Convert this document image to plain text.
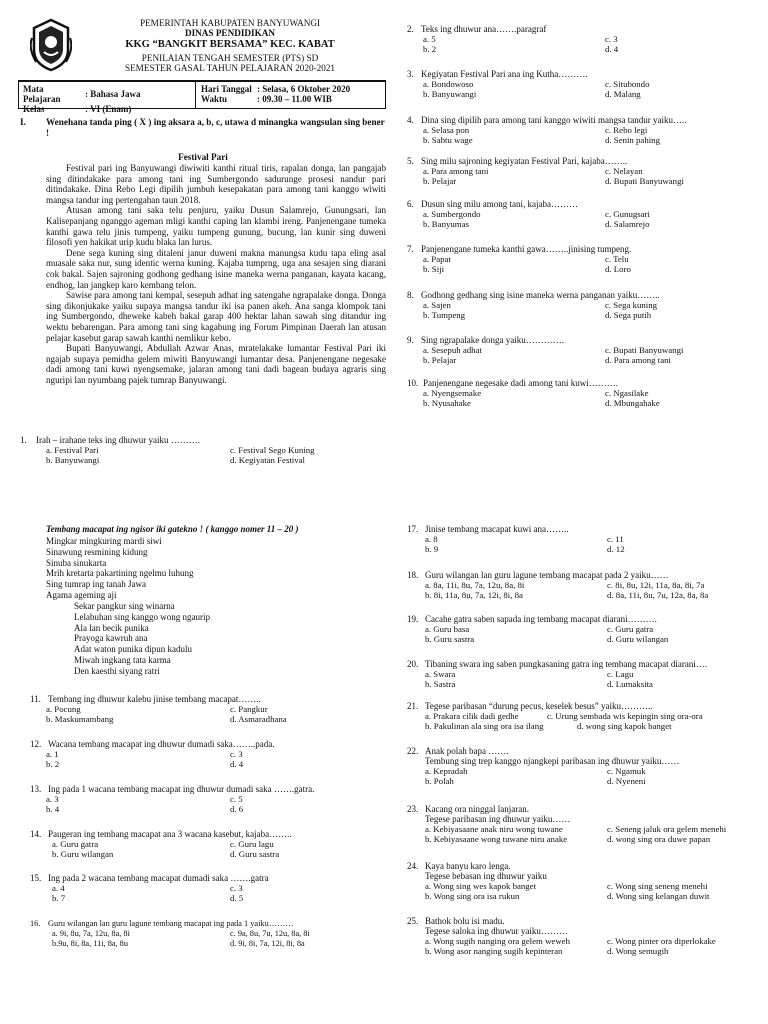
PEMERINTAH KABUPATEN BANYUWANGI
DINAS PENDIDIKAN
KKG “BANGKIT BERSAMA” KEC. KABAT
PENILAIAN TENGAH SEMESTER (PTS) SD
SEMESTER GASAL TAHUN PELAJARAN 2020-2021
Mata Pelajaran	: Bahasa Jawa
Kelas	: VI (Enam)
Hari Tanggal	: Selasa, 6 Oktober 2020
Waktu	: 09.30 – 11.00 WIB
I. Wenehana tanda ping ( X ) ing aksara a, b, c, utawa d minangka wangsulan sing bener !
Festival Pari
Festival pari ing Banyuwangi diwiwiti kanthi ritual tiris, rapalan donga, lan pangajab sing ditindakake para among tani ing Sumbergondo sadurunge prosesi nandur pari ditindakake. Dina Rebo Legi dipilih jumbuh kesepakatan para among tani kanggo wiwiti mangsa tandur ing pertengahan taun 2018.
Atusan among tani saka telu penjuru, yaiku Dusun Salamrejo, Gunungsari, lan Kalisepanjang nganggo ageman mligi kanthi caping lan klambi ireng. Panjenengane tumeka kanthi gawa telu jinis tumpeng, yaiku tumpeng gunung, bucung, lan kunir sing duweni filosofi yen hakikat urip kudu blaka lan lurus.
Dene sega kuning sing ditaleni janur duweni makna manungsa kudu tapa eling asal muasale saka nur, sung identic werna kuning. Kajaba tumprng, uga ana sesajen sing diarani cok bakal. Sajen sajroning godhong gedhang isine maneka werna panganan, kayata kacang, endhog, lan jangkep karo kembang telon.
Sawise para among tani kempal, sesepuh adhat ing satengahe ngrapalake donga. Donga sing dikonjukake yaiku supaya mangsa tandur iki isa panen akeh. Ana sanga klompok tani ing Sumbergondo, dheweke kabeh bakal garap 400 hektar lahan sawah sing ditandur ing wektu bebarengan. Para among tani sing kagabung ing Forum Pimpinan Daerah lan atusan pelajar kasebut garap sawah kanthi nemlikur kebo.
Bupati Banyuwangi, Abdullah Azwar Anas, mratelakake lumantar Festival Pari iki ngajab supaya pemidha gelem miwiti Banyuwangi lumantar desa. Panjenengane negesake dadi among tani kuwi nyengsemake, jalaran among tani dadi bagean budaya agraris sing nguripi lan nyumbang pajek tumrap Banyuwangi.
1. Irah – irahane teks ing dhuwur yaiku ……….
a. Festival Pari	c. Festival Sego Kuning
b. Banyuwangi	d. Kegiyatan Festival
2. Teks ing dhuwur ana…….paragraf
a. 5	c. 3
b. 2	d. 4
3. Kegiyatan Festival Pari ana ing Kutha……….
a. Bondowoso	c. Situbondo
b. Banyuwangi	d. Malang
4. Dina sing dipilih para among tani kanggo wiwiti mangsa tandur yaiku…..
a. Selasa pon	c. Rebo legi
b. Sabtu wage	d. Senin pahing
5. Sing milu sajroning kegiyatan Festival Pari, kajaba……..
a. Para among tani	c. Nelayan
b. Pelajar	d. Bupati Banyuwangi
6. Dusun sing milu among tani, kajaba………
a. Sumbergondo	c. Gunugsari
b. Banyumas	d. Salamrejo
7. Panjenengane tumeka kanthi gawa……..jinising tumpeng.
a. Papat	c. Telu
b. Siji	d. Loro
8. Godhong gedhang sing isine maneka werna panganan yaiku……..
a. Sajen	c. Sega kuning
b. Tumpeng	d. Sega putih
9. Sing ngrapalake donga yaiku………….
a. Sesepuh adhat	c. Bupati Banyuwangi
b. Pelajar	d. Para among tani
10. Panjenengane negesake dadi among tani kuwi……….
a. Nyengsemake	c. Ngasilake
b. Nyusahake	d. Mbungahake
Tembang macapat ing ngisor iki gatekno ! ( kanggo nomer 11 – 20 )
Mingkar mingkuring mardi siwi
Sinawung resmining kidung
Sinuba sinukarta
Mrih kretarta pakartining ngelmu luhung
Sing tumrap ing tanah Jawa
Agama ageming aji
Sekar pangkur sing winarna
Lelabuhan sing kanggo wong ngaurip
Ala lan becik punika
Prayoga kawruh ana
Adat waton punika dipun kadulu
Miwah ingkang tata karma
Den kaesthi siyang ratri
11. Tembang ing dhuwur kalebu jinise tembang macapat……..
a. Pocung	c. Pangkur
b. Maskumambang	d. Asmaradhana
12. Wacana tembang macapat ing dhuwur dumadi saka……..pada.
a. 1	c. 3
b. 2	d. 4
13. Ing pada 1 wacana tembang macapat ing dhuwur dumadi saka …….gatra.
a. 3	c. 5
b. 4	d. 6
14. Paugeran ing tembang macapat ana 3 wacana kasebut, kajaba……..
a. Guru gatra	c. Guru lagu
b. Guru wilangan	d. Guru sastra
15. Ing pada 2 wacana tembang macapat dumadi saka …….gatra
a. 4	c. 3
b. 7	d. 5
16. Guru wilangan lan guru lagune tembang macapat ing pada 1 yaiku………
a. 9i, 8u, 7a, 12u, 8a, 8i	c. 9a, 8u, 7u, 12u, 8a, 8i
b.9u, 8i, 8a, 11i, 8a, 8u	d. 9i, 8i, 7a, 12i, 8i, 8a
17. Jinise tembang macapat kuwi ana……..
a. 8	c. 11
b. 9	d. 12
18. Guru wilangan lan guru lagune tembang macapat pada 2 yaiku……
a. 8a, 11i, 8u, 7a, 12u, 8a, 8i	c. 8i, 8u, 12i, 11a, 8a, 8i, 7a
b. 8i, 11a, 8u, 7a, 12i, 8i, 8a	d. 8a, 11i, 8u, 7u, 12a, 8a, 8a
19. Cacahe gatra saben sapada ing tembang macapat diarani……….
a. Guru basa	c. Guru gatra
b. Guru sastra	d. Guru wilangan
20. Tibaning swara ing saben pungkasaning gatra ing tembang macapat diarani….
a. Swara	c. Lagu
b. Sastra	d. Lumaksita
21. Tegese paribasan “durung pecus, keselek besus” yaiku………..
a. Prakara cilik dadi gedhe	c. Urung sembada wis kepingin sing ora-ora
b. Pakulinan ala sing ora isa ilang	d. wong sing kapok banget
22. Anak polah bapa …….
Tembung sing trep kanggo njangkepi paribasan ing dhuwur yaiku……
a. Kepradah	c. Ngamuk
b. Polah	d. Nyeneni
23. Kacang ora ninggal lanjaran.
Tegese paribasan ing dhuwur yaiku……
a. Kebiyasaane anak niru wong tuwane	c. Seneng jaluk ora gelem menehi
b. Kebiyasaane wong tuwane niru anake	d. wong sing ora duwe papan
24. Kaya banyu karo lenga.
Tegese bebasan ing dhuwur yaiku
a. Wong sing wes kapok banget	c. Wong sing seneng menehi
b. Wong sing ora isa rukun	d. Wong sing kelangan duwit
25. Bathok bolu isi madu.
Tegese saloka ing dhuwur yaiku………
a. Wong sugih nanging ora gelem weweh	c. Wong pinter ora diperlokake
b. Wong asor nanging sugih kepinteran	d. Wong semugih
